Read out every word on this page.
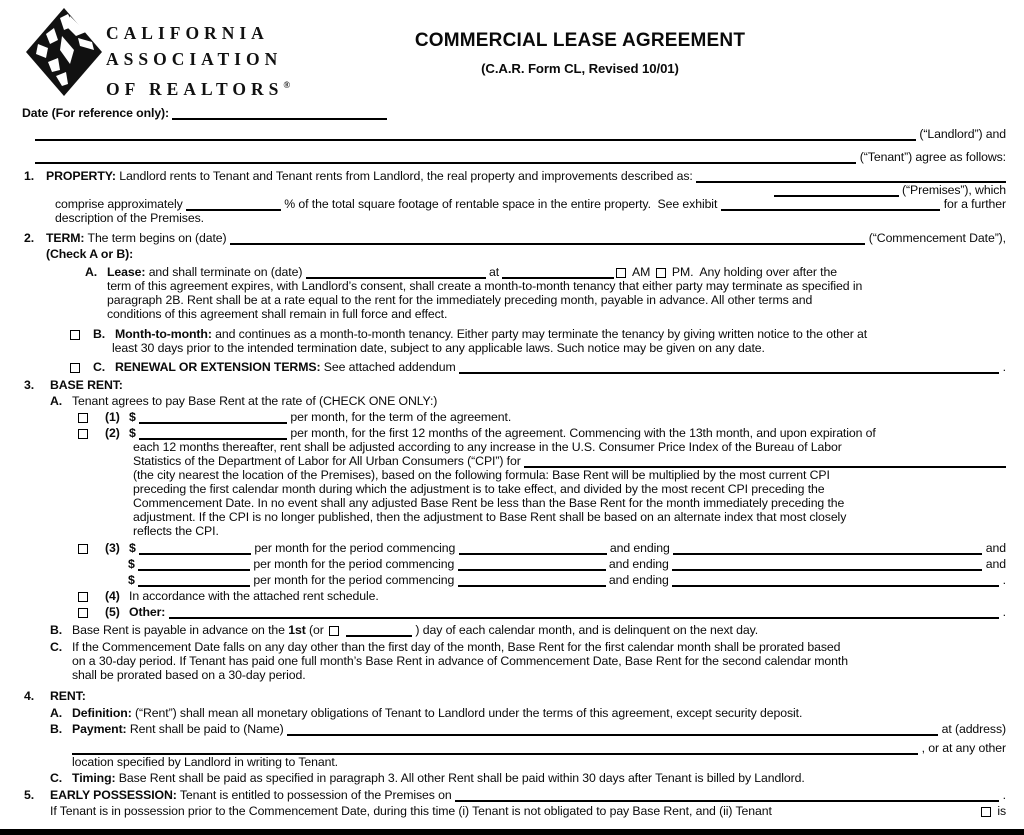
CALIFORNIA
ASSOCIATION
OF REALTORS®
COMMERCIAL LEASE AGREEMENT
(C.A.R. Form CL, Revised 10/01)
Date (For reference only):
(“Landlord”) and
(“Tenant”) agree as follows:
1. PROPERTY: Landlord rents to Tenant and Tenant rents from Landlord, the real property and improvements described as:
(“Premises”), which
comprise approximately	% of the total square footage of rentable space in the entire property.  See exhibit	for a further
description of the Premises.
2. TERM: The term begins on (date)	(“Commencement Date”),
(Check A or B):
A. Lease: and shall terminate on (date)	at	AM PM.  Any holding over after the
term of this agreement expires, with Landlord’s consent, shall create a month-to-month tenancy that either party may terminate as specified in
paragraph 2B. Rent shall be at a rate equal to the rent for the immediately preceding month, payable in advance. All other terms and
conditions of this agreement shall remain in full force and effect.
B. Month-to-month: and continues as a month-to-month tenancy. Either party may terminate the tenancy by giving written notice to the other at
least 30 days prior to the intended termination date, subject to any applicable laws. Such notice may be given on any date.
C. RENEWAL OR EXTENSION TERMS: See attached addendum	.
3.	BASE RENT:
A. Tenant agrees to pay Base Rent at the rate of (CHECK ONE ONLY:)
(1) $	per month, for the term of the agreement.
(2) $	per month, for the first 12 months of the agreement. Commencing with the 13th month, and upon expiration of
each 12 months thereafter, rent shall be adjusted according to any increase in the U.S. Consumer Price Index of the Bureau of Labor
Statistics of the Department of Labor for All Urban Consumers (“CPI”) for
(the city nearest the location of the Premises), based on the following formula: Base Rent will be multiplied by the most current CPI
preceding the first calendar month during which the adjustment is to take effect, and divided by the most recent CPI preceding the
Commencement Date. In no event shall any adjusted Base Rent be less than the Base Rent for the month immediately preceding the
adjustment. If the CPI is no longer published, then the adjustment to Base Rent shall be based on an alternate index that most closely
reflects the CPI.
(3) $	per month for the period commencing	and ending	and
$	per month for the period commencing	and ending	and
$	per month for the period commencing	and ending	.
(4) In accordance with the attached rent schedule.
(5) Other:	.
B. Base Rent is payable in advance on the 1st (or	) day of each calendar month, and is delinquent on the next day.
C. If the Commencement Date falls on any day other than the first day of the month, Base Rent for the first calendar month shall be prorated based
on a 30-day period. If Tenant has paid one full month’s Base Rent in advance of Commencement Date, Base Rent for the second calendar month
shall be prorated based on a 30-day period.
4.	RENT:
A. Definition: (“Rent”) shall mean all monetary obligations of Tenant to Landlord under the terms of this agreement, except security deposit.
B. Payment: Rent shall be paid to (Name)	at (address)
, or at any other
location specified by Landlord in writing to Tenant.
C. Timing: Base Rent shall be paid as specified in paragraph 3. All other Rent shall be paid within 30 days after Tenant is billed by Landlord.
5.	EARLY POSSESSION: Tenant is entitled to possession of the Premises on	.
If Tenant is in possession prior to the Commencement Date, during this time (i) Tenant is not obligated to pay Base Rent, and (ii) Tenant	is
